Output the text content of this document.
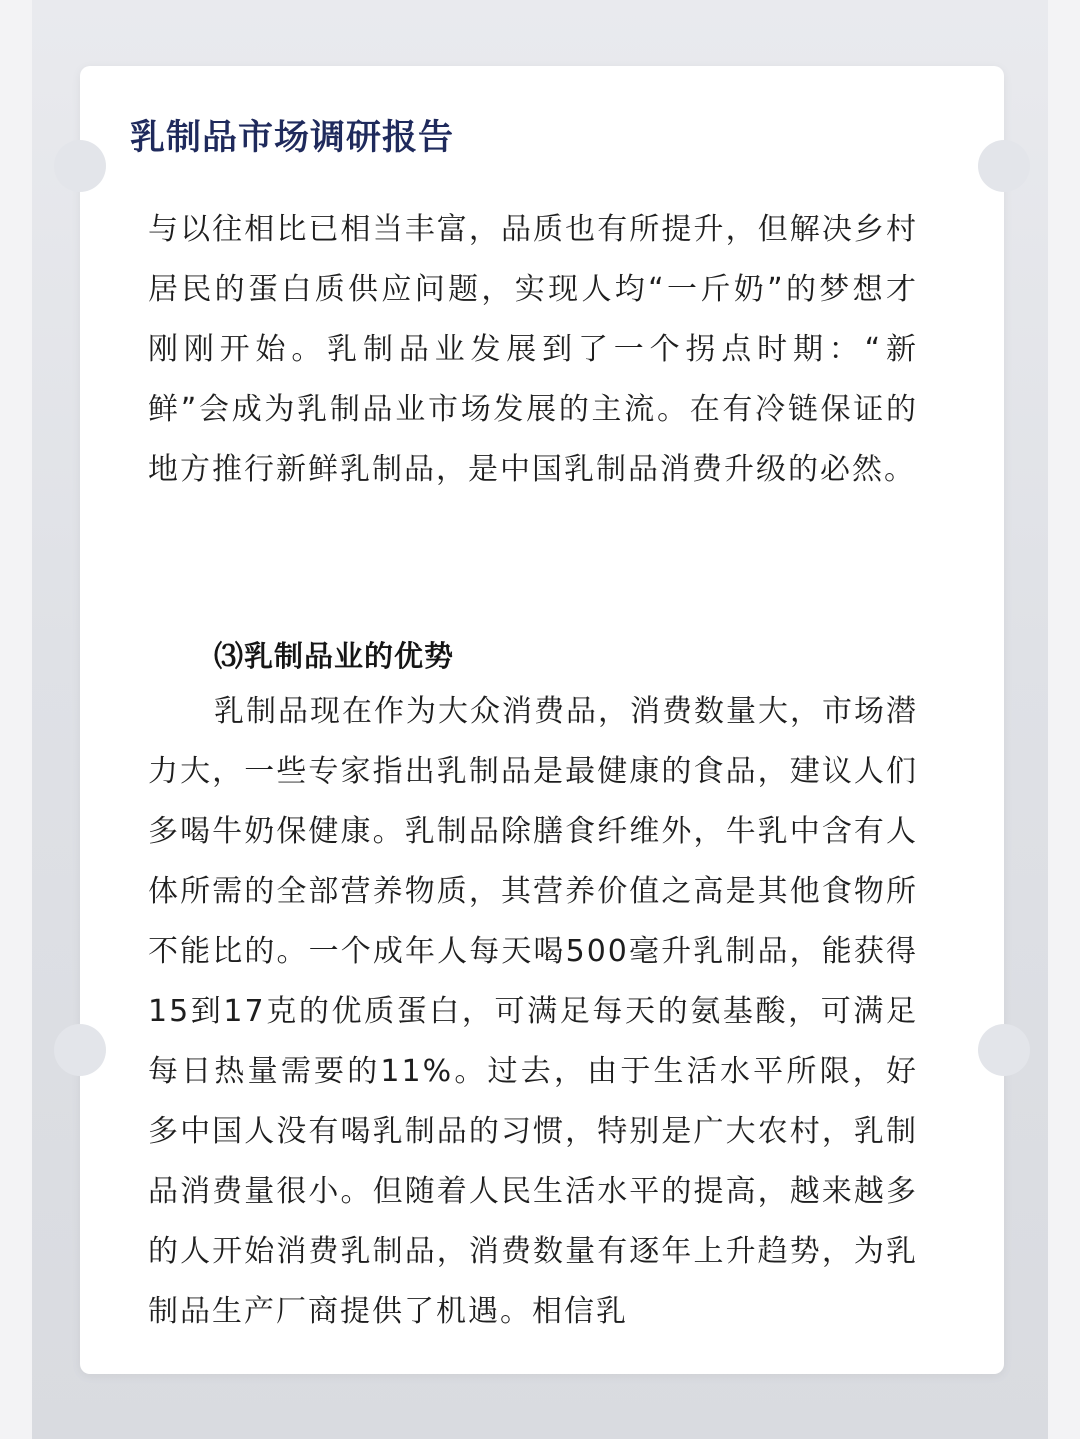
乳制品市场调研报告

与以往相比已相当丰富，品质也有所提升，但解决乡村居民的蛋白质供应问题，实现人均“一斤奶”的梦想才刚刚开始。乳制品业发展到了一个拐点时期：“新鲜”会成为乳制品业市场发展的主流。在有冷链保证的地方推行新鲜乳制品，是中国乳制品消费升级的必然。

⑶乳制品业的优势

乳制品现在作为大众消费品，消费数量大，市场潜力大，一些专家指出乳制品是最健康的食品，建议人们多喝牛奶保健康。乳制品除膳食纤维外，牛乳中含有人体所需的全部营养物质，其营养价值之高是其他食物所不能比的。一个成年人每天喝500毫升乳制品，能获得15到17克的优质蛋白，可满足每天的氨基酸，可满足每日热量需要的11%。过去，由于生活水平所限，好多中国人没有喝乳制品的习惯，特别是广大农村，乳制品消费量很小。但随着人民生活水平的提高，越来越多的人开始消费乳制品，消费数量有逐年上升趋势，为乳制品生产厂商提供了机遇。相信乳
